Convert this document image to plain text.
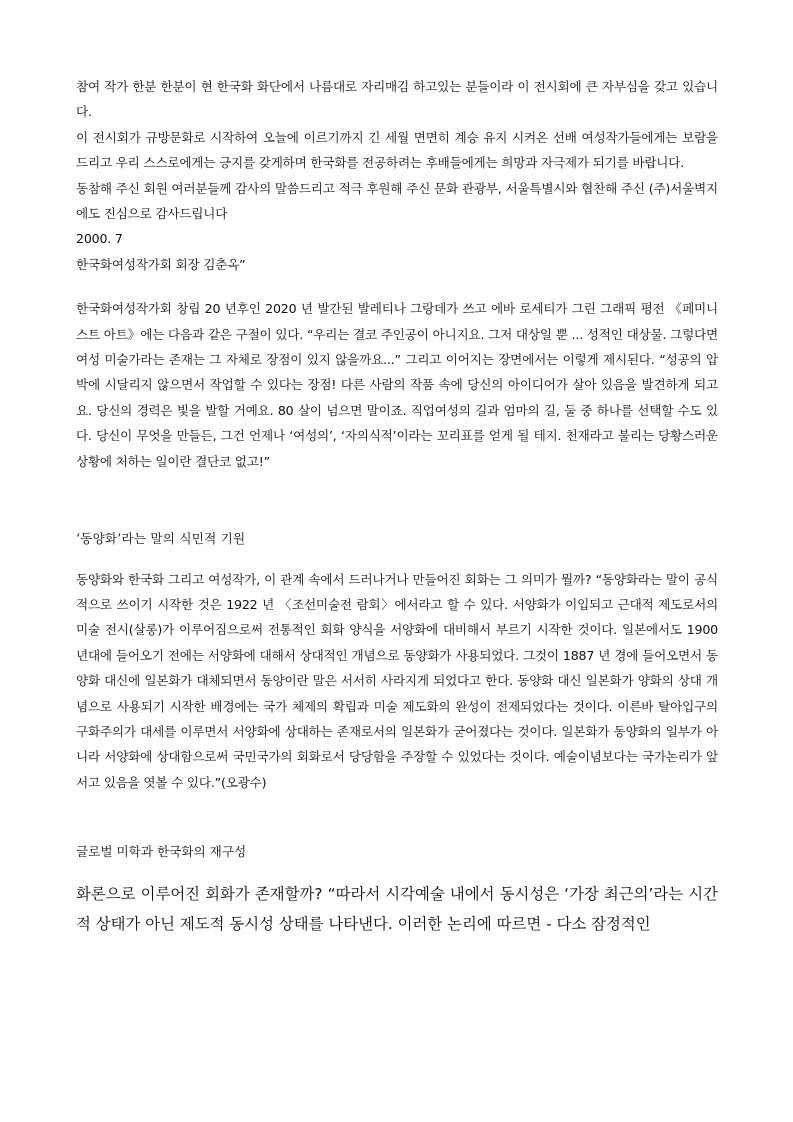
참여 작가 한분 한분이 현 한국화 화단에서 나름대로 자리매김 하고있는 분들이라 이 전시회에 큰 자부심을 갖고 있습니다.

이 전시회가 규방문화로 시작하여 오늘에 이르기까지 긴 세월 면면히 계승 유지 시켜온 선배 여성작가들에게는 보람을 드리고 우리 스스로에게는 긍지를 갖게하며 한국화를 전공하려는 후배들에게는 희망과 자극제가 되기를 바랍니다.

동참해 주신 회원 여러분들께 감사의 말씀드리고 적극 후원해 주신 문화 관광부, 서울특별시와 협찬해 주신 (주)서울벽지에도 진심으로 감사드립니다

2000. 7

한국화여성작가회 회장 김춘옥”

한국화여성작가회 창립 20 년후인 2020 년 발간된 발레티나 그랑데가 쓰고 에바 로세티가 그린 그래픽 평전 《페미니스트 아트》에는 다음과 같은 구절이 있다. “우리는 결코 주인공이 아니지요. 그저 대상일 뿐 ... 성적인 대상물. 그렇다면 여성 미술가라는 존재는 그 자체로 장점이 있지 않을까요...” 그리고 이어지는 장면에서는 이렇게 제시된다. “성공의 압박에 시달리지 않으면서 작업할 수 있다는 장점! 다른 사람의 작품 속에 당신의 아이디어가 살아 있음을 발견하게 되고요. 당신의 경력은 빛을 발할 거예요. 80 살이 넘으면 말이죠. 직업여성의 길과 엄마의 길, 둘 중 하나를 선택할 수도 있다. 당신이 무엇을 만들든, 그건 언제나 ‘여성의’, ‘자의식적’이라는 꼬리표를 얻게 될 테지. 천재라고 불리는 당황스러운 상황에 처하는 일이란 결단코 없고!”

‘동양화’라는 말의 식민적 기원

동양화와 한국화 그리고 여성작가, 이 관계 속에서 드러나거나 만들어진 회화는 그 의미가 뭘까? “동양화라는 말이 공식적으로 쓰이기 시작한 것은 1922 년 〈조선미술전 람회〉에서라고 할 수 있다. 서양화가 이입되고 근대적 제도로서의 미술 전시(살롱)가 이루어짐으로써 전통적인 회화 양식을 서양화에 대비해서 부르기 시작한 것이다. 일본에서도 1900 년대에 들어오기 전에는 서양화에 대해서 상대적인 개념으로 동양화가 사용되었다. 그것이 1887 년 경에 들어오면서 동양화 대신에 일본화가 대체되면서 동양이란 말은 서서히 사라지게 되었다고 한다. 동양화 대신 일본화가 양화의 상대 개념으로 사용되기 시작한 배경에는 국가 체제의 확립과 미술 제도화의 완성이 전제되었다는 것이다. 이른바 탈아입구의 구화주의가 대세를 이루면서 서양화에 상대하는 존재로서의 일본화가 굳어졌다는 것이다. 일본화가 동양화의 일부가 아니라 서양화에 상대함으로써 국민국가의 회화로서 당당함을 주장할 수 있었다는 것이다. 예술이념보다는 국가논리가 앞서고 있음을 엿볼 수 있다.”(오광수)

글로벌 미학과 한국화의 재구성

화론으로 이루어진 회화가 존재할까? “따라서 시각예술 내에서 동시성은 ‘가장 최근의’라는 시간적 상태가 아닌 제도적 동시성 상태를 나타낸다. 이러한 논리에 따르면 - 다소 잠정적인
